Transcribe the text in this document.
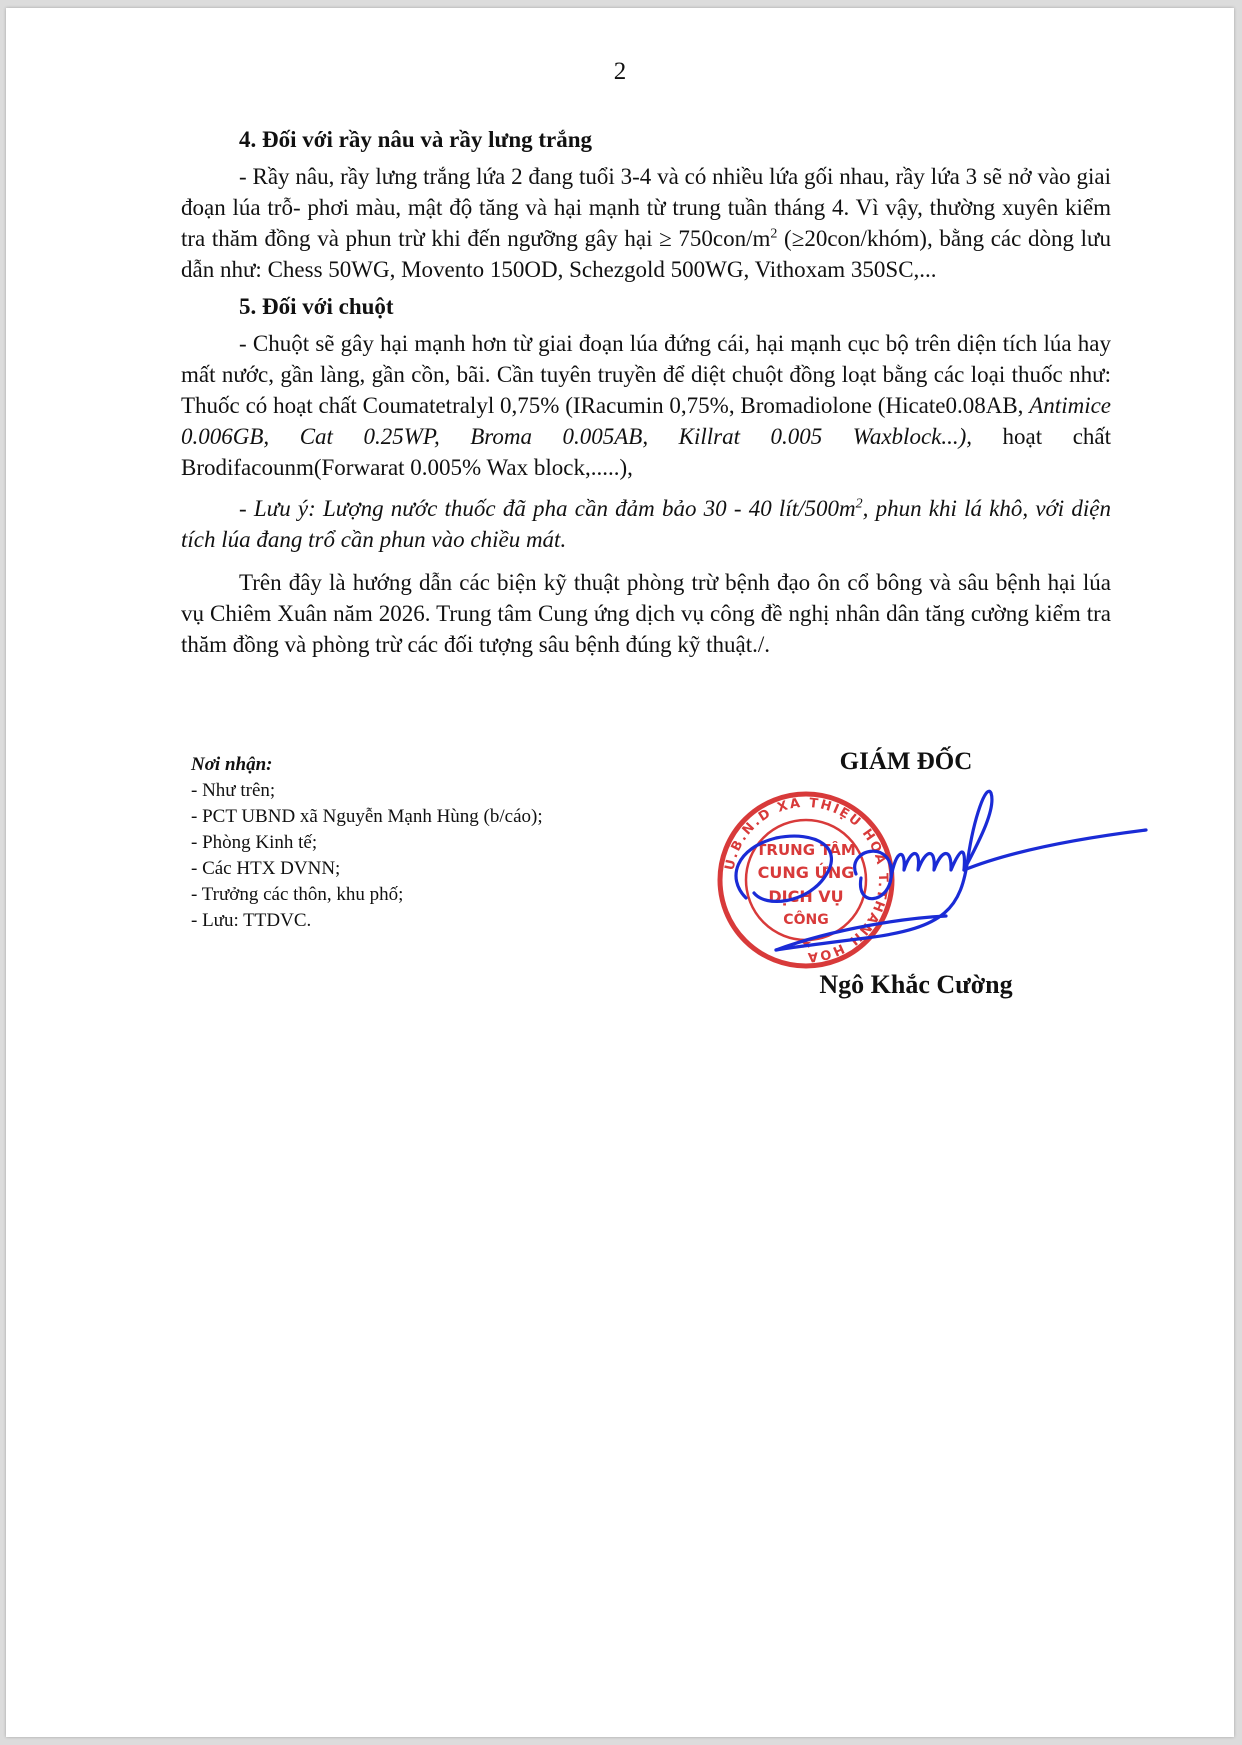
2

4. Đối với rầy nâu và rầy lưng trắng

- Rầy nâu, rầy lưng trắng lứa 2 đang tuổi 3-4 và có nhiều lứa gối nhau, rầy lứa 3 sẽ nở vào giai đoạn lúa trỗ- phơi màu, mật độ tăng và hại mạnh từ trung tuần tháng 4. Vì vậy, thường xuyên kiểm tra thăm đồng và phun trừ khi đến ngưỡng gây hại ≥ $750con/m^2$ (≥20con/khóm), bằng các dòng lưu dẫn như: Chess 50WG, Movento 150OD, Schezgold 500WG, Vithoxam 350SC,...

5. Đối với chuột

- Chuột sẽ gây hại mạnh hơn từ giai đoạn lúa đứng cái, hại mạnh cục bộ trên diện tích lúa hay mất nước, gần làng, gần cồn, bãi. Cần tuyên truyền để diệt chuột đồng loạt bằng các loại thuốc như: Thuốc có hoạt chất Coumatetralyl 0,75% (IRacumin 0,75%, Bromadiolone (Hicate0.08AB, Antimice 0.006GB, Cat 0.25WP, Broma 0.005AB, Killrat 0.005 Waxblock...), hoạt chất Brodifacounm(Forwarat 0.005% Wax block,.....),

- Lưu ý: Lượng nước thuốc đã pha cần đảm bảo 30 - 40 lít/$500m^2$, phun khi lá khô, với diện tích lúa đang trổ cần phun vào chiều mát.

Trên đây là hướng dẫn các biện kỹ thuật phòng trừ bệnh đạo ôn cổ bông và sâu bệnh hại lúa vụ Chiêm Xuân năm 2026. Trung tâm Cung ứng dịch vụ công đề nghị nhân dân tăng cường kiểm tra thăm đồng và phòng trừ các đối tượng sâu bệnh đúng kỹ thuật./.

Nơi nhận:
- Như trên;
- PCT UBND xã Nguyễn Mạnh Hùng (b/cáo);
- Phòng Kinh tế;
- Các HTX DVNN;
- Trưởng các thôn, khu phố;
- Lưu: TTDVC.
GIÁM ĐỐC
U.B.N.D XÃ THIỆU HÓA T.THANH HÓA
TRUNG TÂM
CUNG ỨNG
DỊCH VỤ
CÔNG
★
Ngô Khắc Cường
